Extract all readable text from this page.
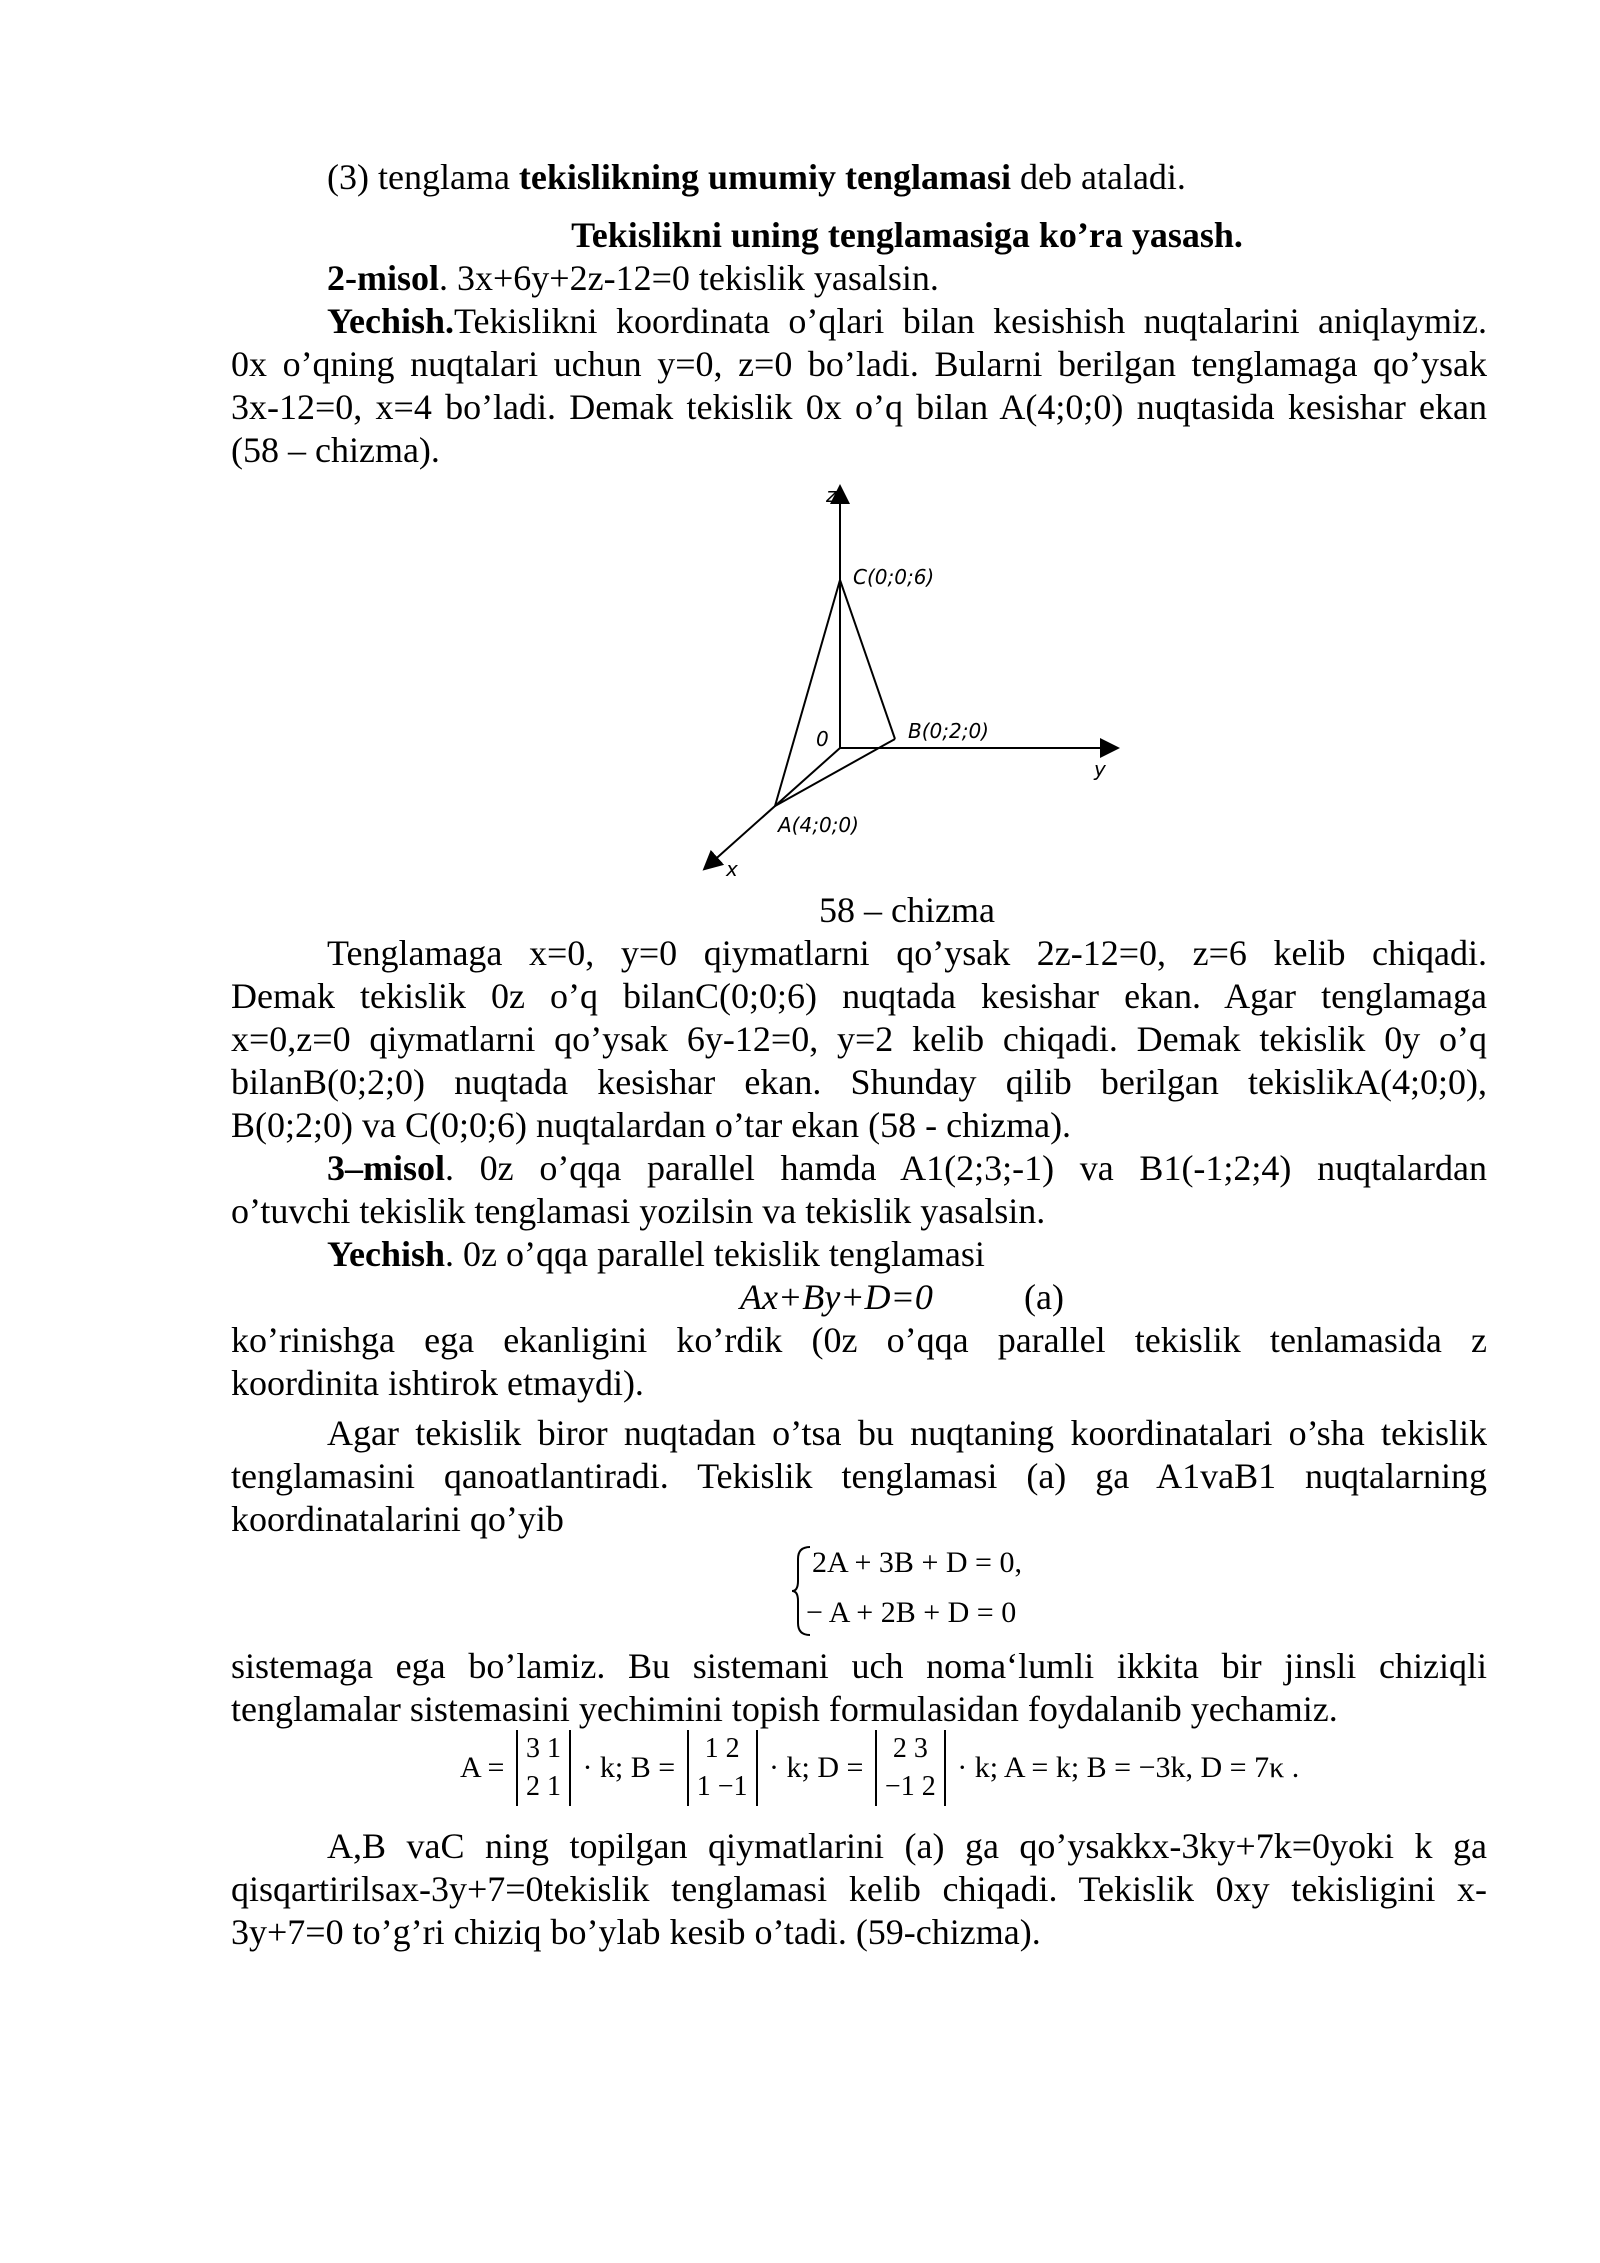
(3) tenglama tekislikning umumiy tenglamasi deb ataladi.
Tekislikni uning tenglamasiga ko’ra yasash.
2-misol. 3x+6y+2z-12=0 tekislik yasalsin.
Yechish.Tekislikni koordinata o’qlari bilan kesishish nuqtalarini aniqlaymiz.
0x o’qning nuqtalari uchun y=0, z=0 bo’ladi. Bularni berilgan tenglamaga qo’ysak
3x-12=0, x=4 bo’ladi. Demak tekislik 0x o’q bilan A(4;0;0) nuqtasida kesishar ekan
(58 – chizma).
z
y
x
0
C(0;0;6)
B(0;2;0)
A(4;0;0)
58 – chizma
Tenglamaga x=0, y=0 qiymatlarni qo’ysak 2z-12=0, z=6 kelib chiqadi.
Demak tekislik 0z o’q bilanC(0;0;6) nuqtada kesishar ekan. Agar tenglamaga
x=0,z=0 qiymatlarni qo’ysak 6y-12=0, y=2 kelib chiqadi. Demak tekislik 0y o’q
bilanB(0;2;0) nuqtada kesishar ekan. Shunday qilib berilgan tekislikA(4;0;0),
B(0;2;0) va C(0;0;6) nuqtalardan o’tar ekan (58 - chizma).
3–misol. 0z o’qqa parallel hamda A1(2;3;-1) va B1(-1;2;4) nuqtalardan
o’tuvchi tekislik tenglamasi yozilsin va tekislik yasalsin.
Yechish. 0z o’qqa parallel tekislik tenglamasi
Ax+By+D=0	(a)
ko’rinishga ega ekanligini ko’rdik (0z o’qqa parallel tekislik tenlamasida z
koordinita ishtirok etmaydi).
Agar tekislik biror nuqtadan o’tsa bu nuqtaning koordinatalari o’sha tekislik
tenglamasini qanoatlantiradi. Tekislik tenglamasi (a) ga A1vaB1 nuqtalarning
koordinatalarini qo’yib
2A + 3B + D = 0,
− A + 2B + D = 0
sistemaga ega bo’lamiz. Bu sistemani uch noma‘lumli ikkita bir jinsli chiziqli
tenglamalar sistemasini yechimini topish formulasidan foydalanib yechamiz.
A = 3 1
2 1 · k; B = 1 2
1 −1 · k; D = 2 3
−1 2 · k; A = k; B = −3k, D = 7κ .
A,B vaC ning topilgan qiymatlarini (a) ga qo’ysakkx-3ky+7k=0yoki k ga
qisqartirilsax-3y+7=0tekislik tenglamasi kelib chiqadi. Tekislik 0xy tekisligini x-
3y+7=0 to’g’ri chiziq bo’ylab kesib o’tadi. (59-chizma).
